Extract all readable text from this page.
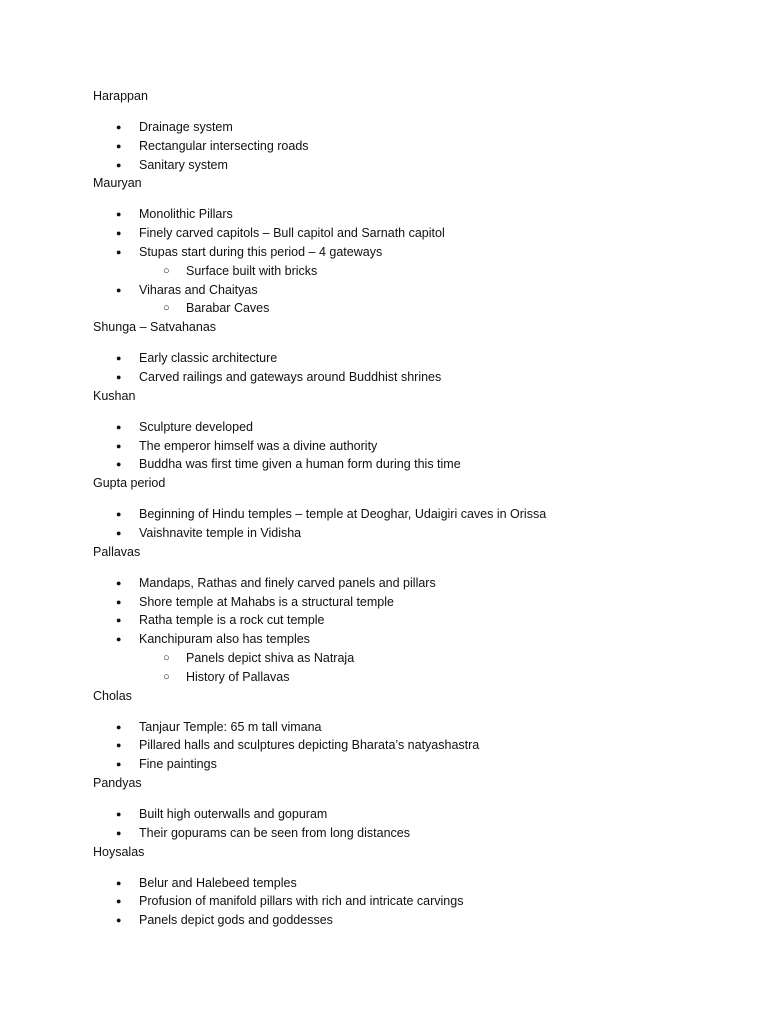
Harappan
● Drainage system
● Rectangular intersecting roads
● Sanitary system
Mauryan
● Monolithic Pillars
● Finely carved capitols – Bull capitol and Sarnath capitol
● Stupas start during this period – 4 gateways
○ Surface built with bricks
● Viharas and Chaityas
○ Barabar Caves
Shunga – Satvahanas
● Early classic architecture
● Carved railings and gateways around Buddhist shrines
Kushan
● Sculpture developed
● The emperor himself was a divine authority
● Buddha was first time given a human form during this time
Gupta period
● Beginning of Hindu temples – temple at Deoghar, Udaigiri caves in Orissa
● Vaishnavite temple in Vidisha
Pallavas
● Mandaps, Rathas and finely carved panels and pillars
● Shore temple at Mahabs is a structural temple
● Ratha temple is a rock cut temple
● Kanchipuram also has temples
○ Panels depict shiva as Natraja
○ History of Pallavas
Cholas
● Tanjaur Temple: 65 m tall vimana
● Pillared halls and sculptures depicting Bharata’s natyashastra
● Fine paintings
Pandyas
● Built high outerwalls and gopuram
● Their gopurams can be seen from long distances
Hoysalas
● Belur and Halebeed temples
● Profusion of manifold pillars with rich and intricate carvings
● Panels depict gods and goddesses
